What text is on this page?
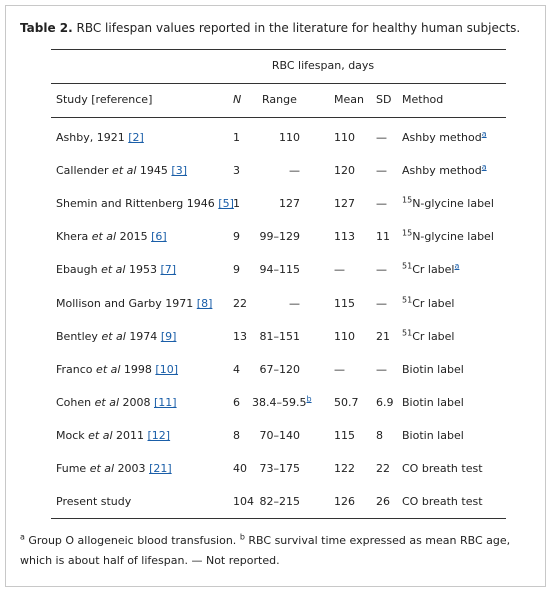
Table 2. RBC lifespan values reported in the literature for healthy human subjects.
RBC lifespan, days
Study [reference]	N Range	Mean SD Method
Ashby, 1921 [2]	1	110	110 — Ashby method$^a$
Callender et al 1945 [3]	3	—	120 — Ashby method$^a$
Shemin and Rittenberg 1946 [5] 1	127	127 — $^{15}$N-glycine label
Khera et al 2015 [6]	9	99–129	113 11 $^{15}$N-glycine label
Ebaugh et al 1953 [7]	9	94–115	—	— $^{51}$Cr label$^a$
Mollison and Garby 1971 [8] 22	—	115 — $^{51}$Cr label
Bentley et al 1974 [9]	13	81–151	110 21 $^{51}$Cr label
Franco et al 1998 [10]	4	67–120	—	— Biotin label
Cohen et al 2008 [11]	6 38.4–59.5$^b$ 50.7 6.9 Biotin label
Mock et al 2011 [12]	8	70–140	115 8 Biotin label
Fume et al 2003 [21]	40	73–175	122 22 CO breath test
Present study	104 82–215	126 26 CO breath test
$^a$ Group O allogeneic blood transfusion. $^b$ RBC survival time expressed as mean RBC age, which is about half of lifespan. — Not reported.
